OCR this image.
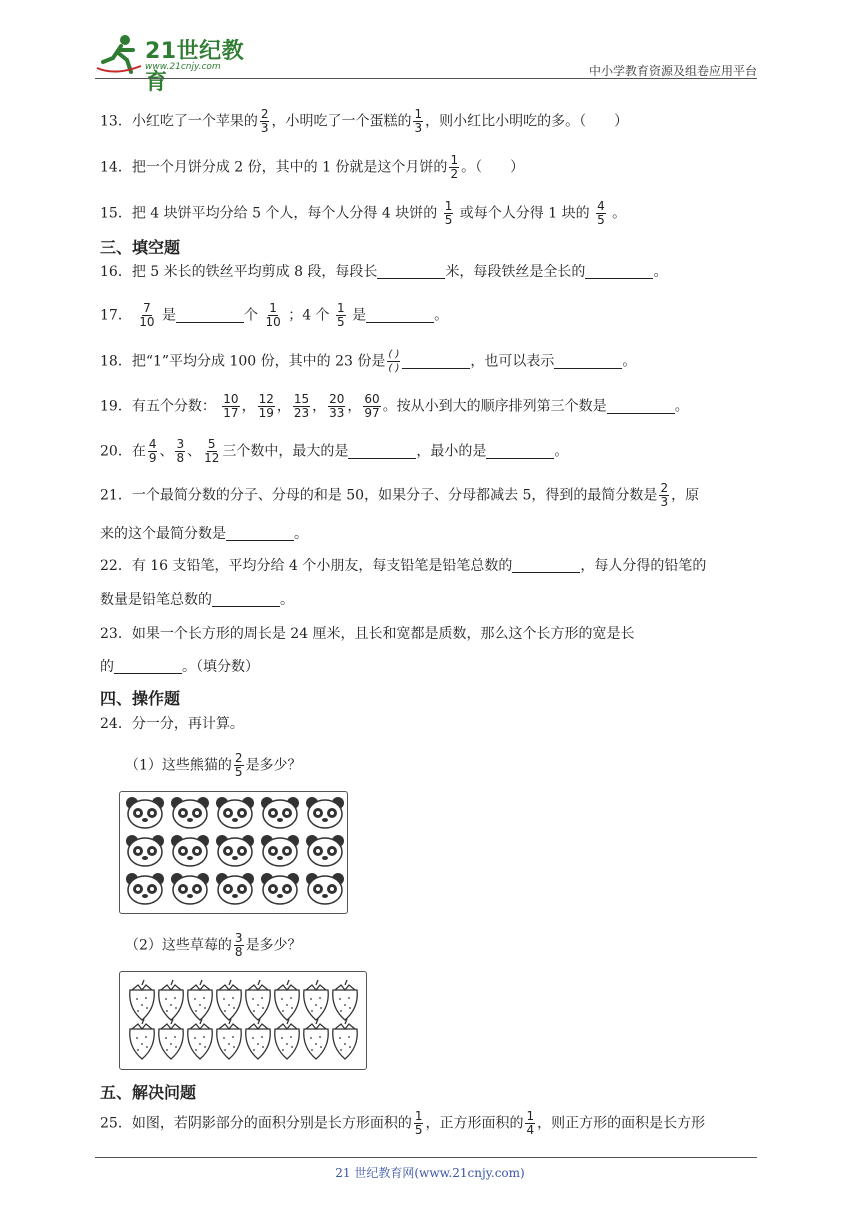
21世纪教育
www.21cnjy.com	中小学教育资源及组卷应用平台
13．小红吃了一个苹果的 $\frac{2}{3}$ ，小明吃了一个蛋糕的 $\frac{1}{3}$ ，则小红比小明吃的多。（　　）
14．把一个月饼分成 2 份，其中的 1 份就是这个月饼的 $\frac{1}{2}$ 。（　　）
15．把 4 块饼平均分给 5 个人，每个人分得 4 块饼的 $\frac{1}{5}$ 或每个人分得 1 块的 $\frac{4}{5}$ 。
三、填空题
16．把 5 米长的铁丝平均剪成 8 段，每段长	米，每段铁丝是全长的	。
17． $\frac{7}{10}$ 是	个 $\frac{1}{10}$ ；4 个 $\frac{1}{5}$ 是	。
18．把“1”平均分成 100 份，其中的 23 份是 $\frac{( )}{( )}$	，也可以表示	。
19．有五个分数： $\frac{10}{17}$ ， $\frac{12}{19}$ ， $\frac{15}{23}$ ， $\frac{20}{33}$ ， $\frac{60}{97}$ 。按从小到大的顺序排列第三个数是	。
20．在 $\frac{4}{9}$ 、 $\frac{3}{8}$ 、 $\frac{5}{12}$ 三个数中，最大的是	，最小的是	。
21．一个最简分数的分子、分母的和是 50，如果分子、分母都减去 5，得到的最简分数是 $\frac{2}{3}$ ，原
来的这个最简分数是	。
22．有 16 支铅笔，平均分给 4 个小朋友，每支铅笔是铅笔总数的	，每人分得的铅笔的
数量是铅笔总数的	。
23．如果一个长方形的周长是 24 厘米，且长和宽都是质数，那么这个长方形的宽是长
的	。（填分数）
四、操作题
24．分一分，再计算。
（1）这些熊猫的 $\frac{2}{5}$ 是多少？
（2）这些草莓的 $\frac{3}{8}$ 是多少？
五、解决问题
25．如图，若阴影部分的面积分别是长方形面积的 $\frac{1}{5}$ ，正方形面积的 $\frac{1}{4}$ ，则正方形的面积是长方形
21 世纪教育网(www.21cnjy.com)
